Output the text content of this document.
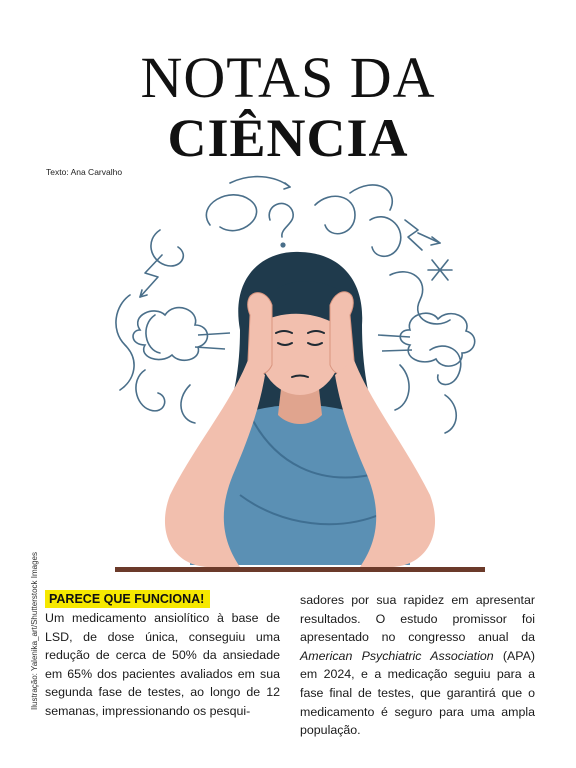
NOTAS DA
CIÊNCIA
Texto: Ana Carvalho
Ilustração: Yalenika_art/Shutterstock Images PARECE QUE FUNCIONA!

Um medicamento ansiolítico à base de LSD, de dose única, conseguiu uma redução de cerca de 50% da ansiedade em 65% dos pacientes avaliados em sua segunda fase de testes, ao longo de 12 semanas, impressionando os pesqui-

sadores por sua rapidez em apresentar resultados. O estudo promissor foi apresentado no congresso anual da American Psychiatric Association (APA) em 2024, e a medicação seguiu para a fase final de testes, que garantirá que o medicamento é seguro para uma ampla população.
